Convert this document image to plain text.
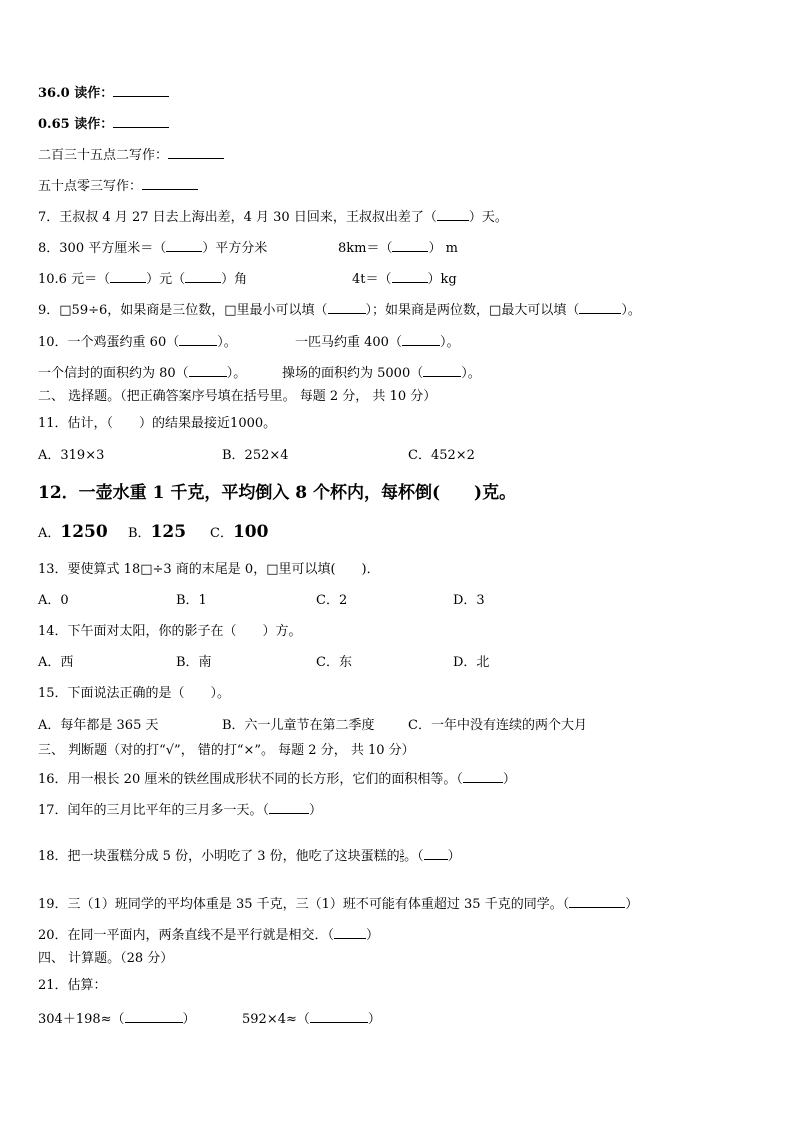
36.0 读作：
0.65 读作：
二百三十五点二写作：
五十点零三写作：
7．王叔叔 4 月 27 日去上海出差，4 月 30 日回来，王叔叔出差了（ ）天。
8．300 平方厘米＝（	）平方分米	8km＝（	） m
10.6 元＝（	）元（	）角	4t＝（	）kg
9．□59÷6，如果商是三位数，□里最小可以填（	）；如果商是两位数，□最大可以填（	）。
10．一个鸡蛋约重 60（	）。	一匹马约重 400（	）。
一个信封的面积约为 80（	）。	操场的面积约为 5000（	）。
二、 选择题。（把正确答案序号填在括号里。 每题 2 分， 共 10 分）
11．估计，（　　）的结果最接近1000。
A．319×3	B．252×4	C．452×2
12．一壶水重 1 千克，平均倒入 8 个杯内，每杯倒(　　)克。
A．1250 B．125 C．100
13．要使算式 18□÷3 商的末尾是 0，□里可以填(　　)．
A．0	B．1	C．2	D．3
14．下午面对太阳，你的影子在（　　）方。
A．西	B．南	C．东	D．北
15．下面说法正确的是（　　）。
A．每年都是 365 天	B．六一儿童节在第二季度	C．一年中没有连续的两个大月
三、 判断题（对的打“√”， 错的打“×”。 每题 2 分， 共 10 分）
16．用一根长 20 厘米的铁丝围成形状不同的长方形，它们的面积相等。（	）
17．闰年的三月比平年的三月多一天。（	）
18．把一块蛋糕分成 5 份，小明吃了 3 份，他吃了这块蛋糕的 $\frac{3}{5}$ 。（ ）
19．三（1）班同学的平均体重是 35 千克，三（1）班不可能有体重超过 35 千克的同学。（	）
20．在同一平面内，两条直线不是平行就是相交．（ ）
四、 计算题。（28 分）
21．估算：
304＋198≈（	）	592×4≈（	）
